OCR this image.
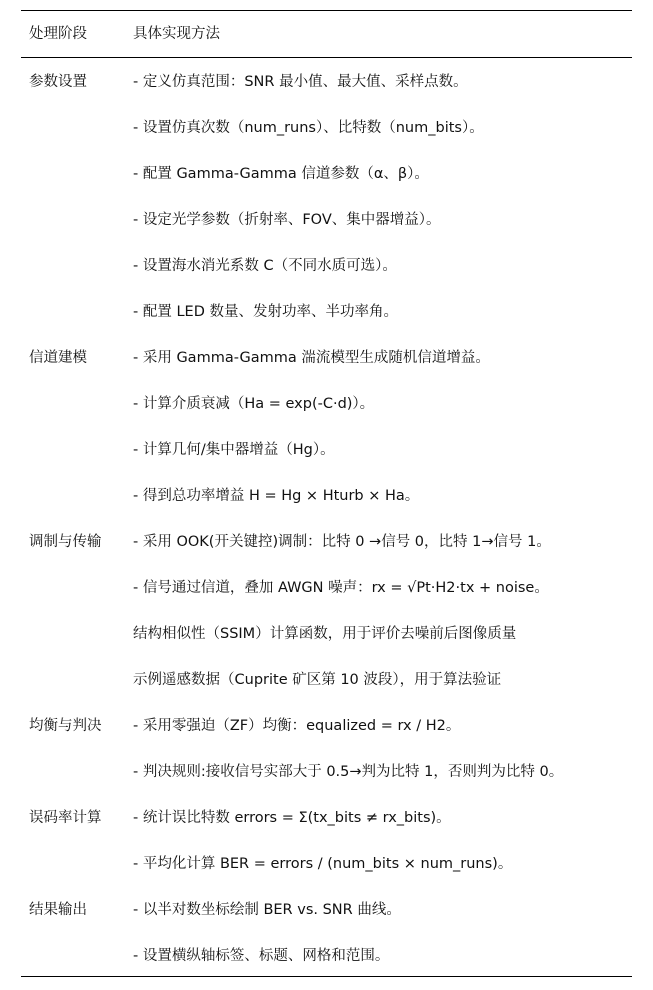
处理阶段	具体实现方法
参数设置	- 定义仿真范围：SNR 最小值、最大值、采样点数。
- 设置仿真次数（num_runs）、比特数（num_bits）。
- 配置 Gamma-Gamma 信道参数（α、β）。
- 设定光学参数（折射率、FOV、集中器增益）。
- 设置海水消光系数 C（不同水质可选）。
- 配置 LED 数量、发射功率、半功率角。
信道建模	- 采用 Gamma-Gamma 湍流模型生成随机信道增益。
- 计算介质衰减（Ha = exp(-C·d)）。
- 计算几何/集中器增益（Hg）。
- 得到总功率增益 H = Hg × Hturb × Ha。
调制与传输 - 采用 OOK(开关键控)调制：比特 0 →信号 0，比特 1→信号 1。
- 信号通过信道，叠加 AWGN 噪声：rx = √Pt·H2·tx + noise。
结构相似性（SSIM）计算函数，用于评价去噪前后图像质量
示例遥感数据（Cuprite 矿区第 10 波段），用于算法验证
均衡与判决 - 采用零强迫（ZF）均衡：equalized = rx / H2。
- 判决规则:接收信号实部大于 0.5→判为比特 1，否则判为比特 0。
误码率计算 - 统计误比特数 errors = Σ(tx_bits ≠ rx_bits)。
- 平均化计算 BER = errors / (num_bits × num_runs)。
结果输出	- 以半对数坐标绘制 BER vs. SNR 曲线。
- 设置横纵轴标签、标题、网格和范围。
